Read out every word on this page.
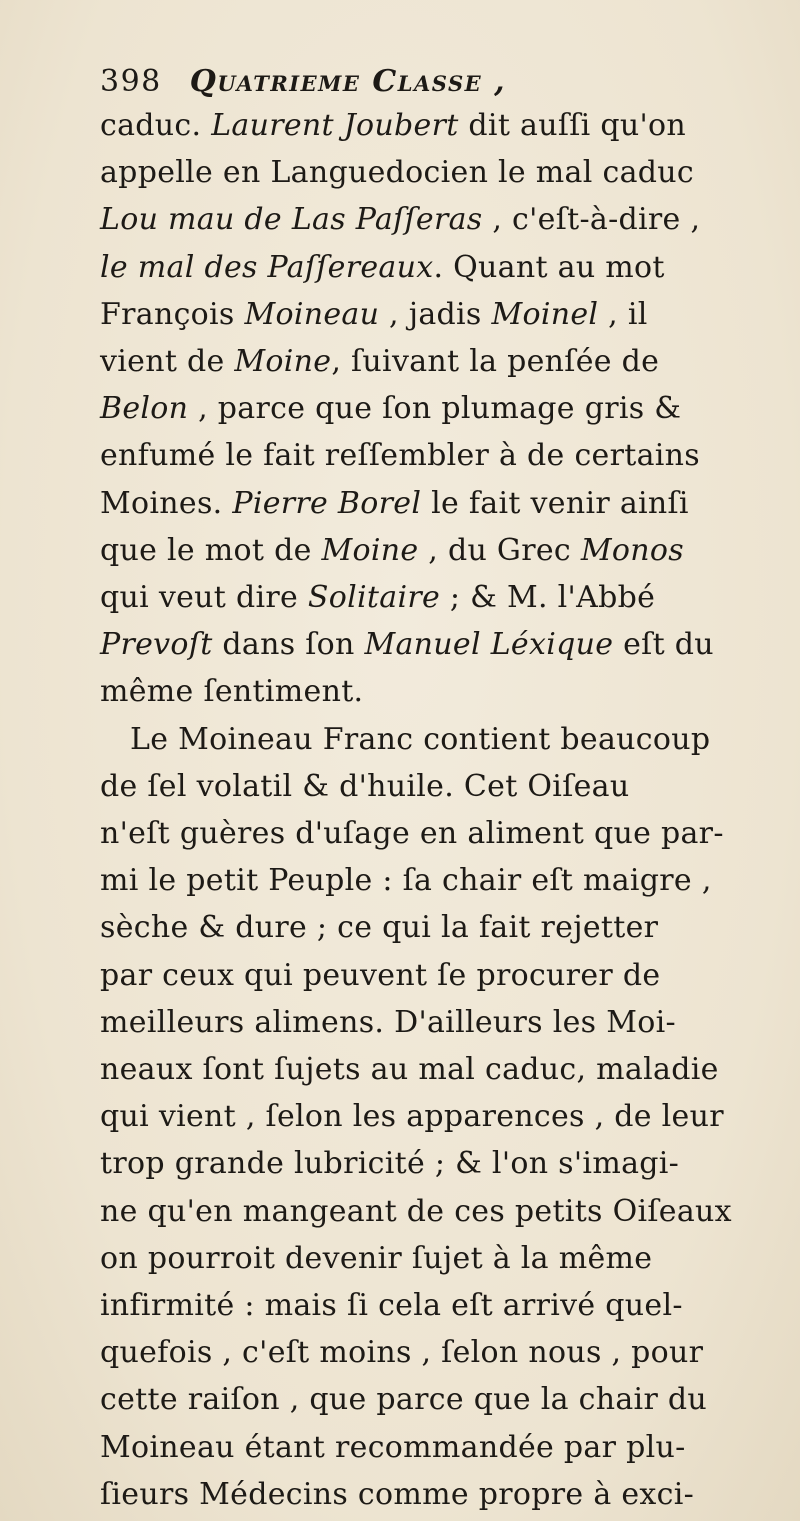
398 Quatrieme Classe ,
caduc. Laurent Joubert dit auſſi qu'on
appelle en Languedocien le mal caduc
Lou mau de Las Paſſeras , c'eſt-à-dire ,
le mal des Paſſereaux. Quant au mot
François Moineau , jadis Moinel , il
vient de Moine, ſuivant la penſée de
Belon , parce que ſon plumage gris &
enfumé le fait reſſembler à de certains
Moines. Pierre Borel le fait venir ainſi
que le mot de Moine , du Grec Monos
qui veut dire Solitaire ; & M. l'Abbé
Prevoſt dans ſon Manuel Léxique eſt du
même ſentiment.
Le Moineau Franc contient beaucoup
de ſel volatil & d'huile. Cet Oiſeau
n'eſt guères d'uſage en aliment que par-
mi le petit Peuple : ſa chair eſt maigre ,
sèche & dure ; ce qui la fait rejetter
par ceux qui peuvent ſe procurer de
meilleurs alimens. D'ailleurs les Moi-
neaux ſont ſujets au mal caduc, maladie
qui vient , ſelon les apparences , de leur
trop grande lubricité ; & l'on s'imagi-
ne qu'en mangeant de ces petits Oiſeaux
on pourroit devenir ſujet à la même
infirmité : mais ſi cela eſt arrivé quel-
quefois , c'eſt moins , ſelon nous , pour
cette raiſon , que parce que la chair du
Moineau étant recommandée par plu-
ſieurs Médecins comme propre à exci-
